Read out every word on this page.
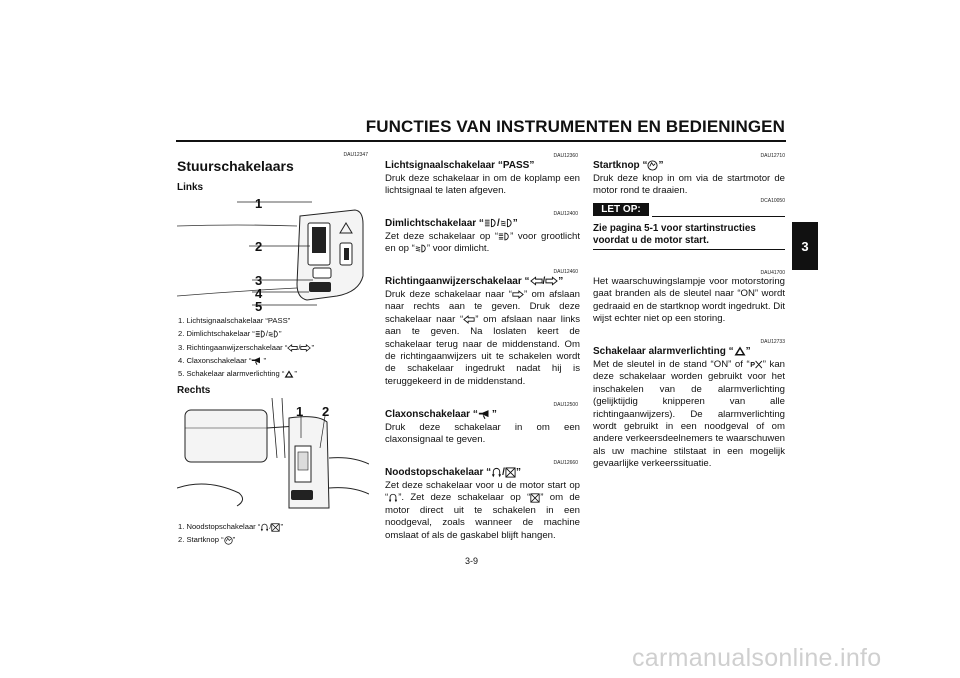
FUNCTIES VAN INSTRUMENTEN EN BEDIENINGEN
3
DAU12347
Stuurschakelaars
Links
1
2
3
4
5
1. Lichtsignaalschakelaar “PASS”
2. Dimlichtschakelaar “ / ”
3. Richtingaanwijzerschakelaar “ / ”
4. Claxonschakelaar “ ”
5. Schakelaar alarmverlichting “ ”
Rechts
1 2
1. Noodstopschakelaar “ / ”
2. Startknop “ ”
DAU12360
Lichtsignaalschakelaar “PASS”
Druk deze schakelaar in om de koplamp een lichtsignaal te laten afgeven.
DAU12400
Dimlichtschakelaar “ / ”
Zet deze schakelaar op “ ” voor grootlicht en op “ ” voor dimlicht.
DAU12460
Richtingaanwijzerschakelaar “ / ”
Druk deze schakelaar naar “ ” om afslaan naar rechts aan te geven. Druk deze schakelaar naar “ ” om afslaan naar links aan te geven. Na loslaten keert de schakelaar terug naar de middenstand. Om de richtingaanwijzers uit te schakelen wordt de schakelaar ingedrukt nadat hij is teruggekeerd in de middenstand.
DAU12500
Claxonschakelaar “ ”
Druk deze schakelaar in om een claxonsignaal te geven.
DAU12660
Noodstopschakelaar “ / ”
Zet deze schakelaar voor u de motor start op “ ”. Zet deze schakelaar op “ ” om de motor direct uit te schakelen in een noodgeval, zoals wanneer de machine omslaat of als de gaskabel blijft hangen.
DAU12710
Startknop “ ”
Druk deze knop in om via de startmotor de motor rond te draaien.
DCA10050
LET OP:
Zie pagina 5-1 voor startinstructies voordat u de motor start.
DAU41700
Het waarschuwingslampje voor motorstoring gaat branden als de sleutel naar “ON” wordt gedraaid en de startknop wordt ingedrukt. Dit wijst echter niet op een storing.
DAU12733
Schakelaar alarmverlichting “ ”
Met de sleutel in de stand “ON” of “ ” kan deze schakelaar worden gebruikt voor het inschakelen van de alarmverlichting (gelijktijdig knipperen van alle richtingaanwijzers). De alarmverlichting wordt gebruikt in een noodgeval of om andere verkeersdeelnemers te waarschuwen als uw machine stilstaat in een mogelijk gevaarlijke verkeerssituatie.
3-9
carmanualsonline.info
